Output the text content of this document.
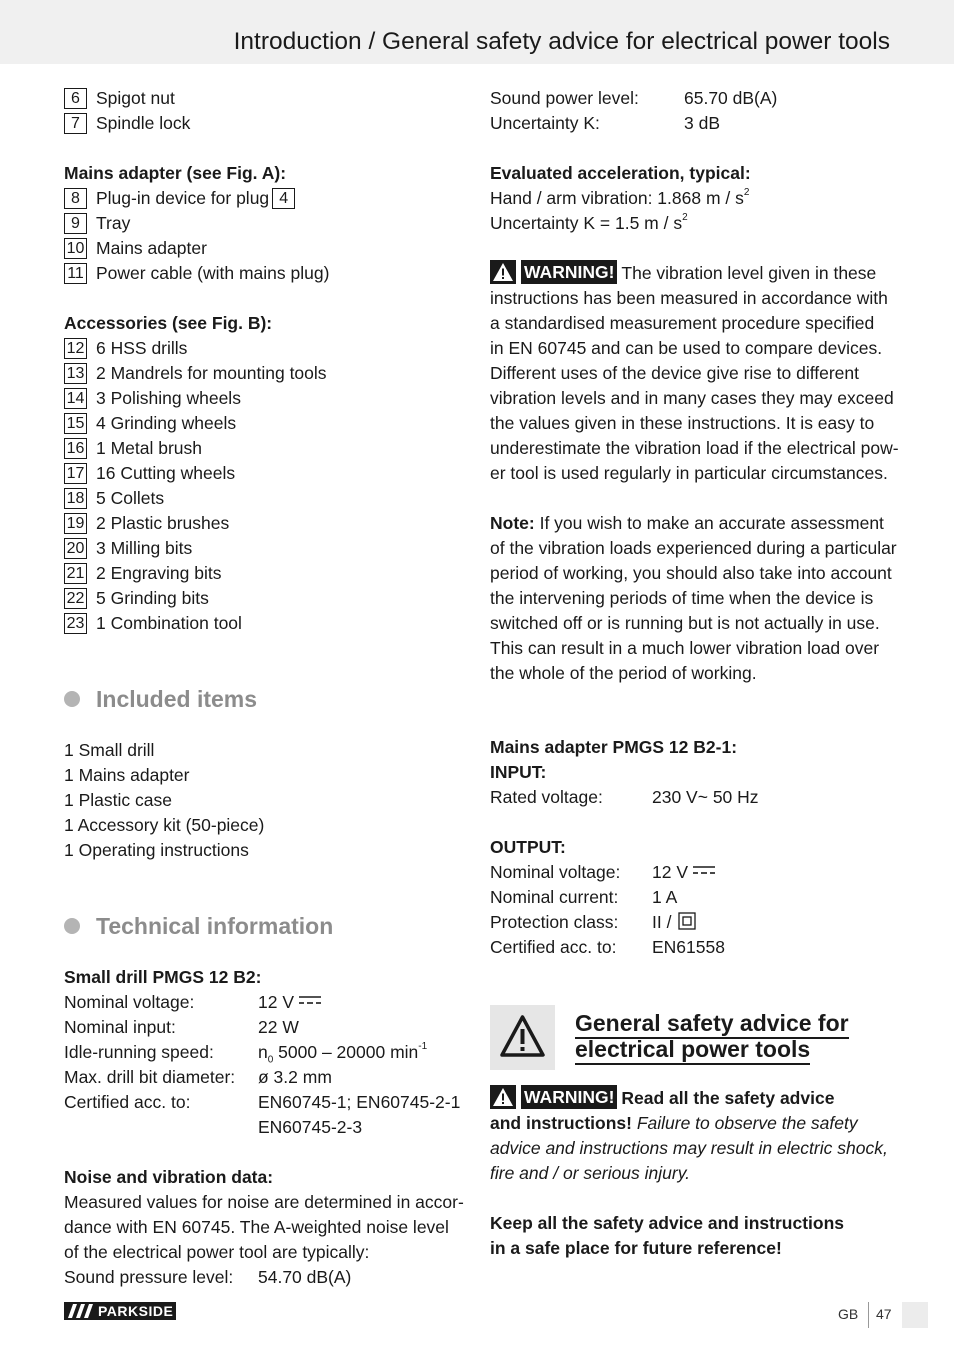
Introduction / General safety advice for electrical power tools
6 Spigot nut
7 Spindle lock
Mains adapter (see Fig. A):
8 Plug-in device for plug 4
9 Tray
10 Mains adapter
11 Power cable (with mains plug)
Accessories (see Fig. B):
12 6 HSS drills
13 2 Mandrels for mounting tools
14 3 Polishing wheels
15 4 Grinding wheels
16 1 Metal brush
17 16 Cutting wheels
18 5 Collets
19 2 Plastic brushes
20 3 Milling bits
21 2 Engraving bits
22 5 Grinding bits
23 1 Combination tool
Included items
1 Small drill
1 Mains adapter
1 Plastic case
1 Accessory kit (50-piece)
1 Operating instructions
Technical information
Small drill PMGS 12 B2:
Nominal voltage:	12 V
Nominal input:	22 W
Idle-running speed:	$n_0$ 5000 – 20000 $\min^{-1}$
Max. drill bit diameter:	ø 3.2 mm
Certified acc. to:	EN60745-1; EN60745-2-1
EN60745-2-3
Noise and vibration data:
Measured values for noise are determined in accor-
dance with EN 60745. The A-weighted noise level
of the electrical power tool are typically:
Sound pressure level:	54.70 dB(A)
Sound power level:	65.70 dB(A)
Uncertainty K:	3 dB
Evaluated acceleration, typical:
Hand / arm vibration: 1.868 m / $s^2$
Uncertainty K = 1.5 m / $s^2$
WARNING! The vibration level given in these
instructions has been measured in accordance with
a standardised measurement procedure specified
in EN 60745 and can be used to compare devices.
Different uses of the device give rise to different
vibration levels and in many cases they may exceed
the values given in these instructions. It is easy to
underestimate the vibration load if the electrical pow-
er tool is used regularly in particular circumstances.
Note: If you wish to make an accurate assessment
of the vibration loads experienced during a particular
period of working, you should also take into account
the intervening periods of time when the device is
switched off or is running but is not actually in use.
This can result in a much lower vibration load over
the whole of the period of working.
Mains adapter PMGS 12 B2-1:
INPUT:
Rated voltage:	230 V~ 50 Hz
OUTPUT:
Nominal voltage:	12 V
Nominal current:	1 A
Protection class:	II /
Certified acc. to:	EN61558
General safety advice for
electrical power tools
WARNING! Read all the safety advice
and instructions! Failure to observe the safety
advice and instructions may result in electric shock,
fire and / or serious injury.
Keep all the safety advice and instructions
in a safe place for future reference!
PARKSIDE	GB 47
